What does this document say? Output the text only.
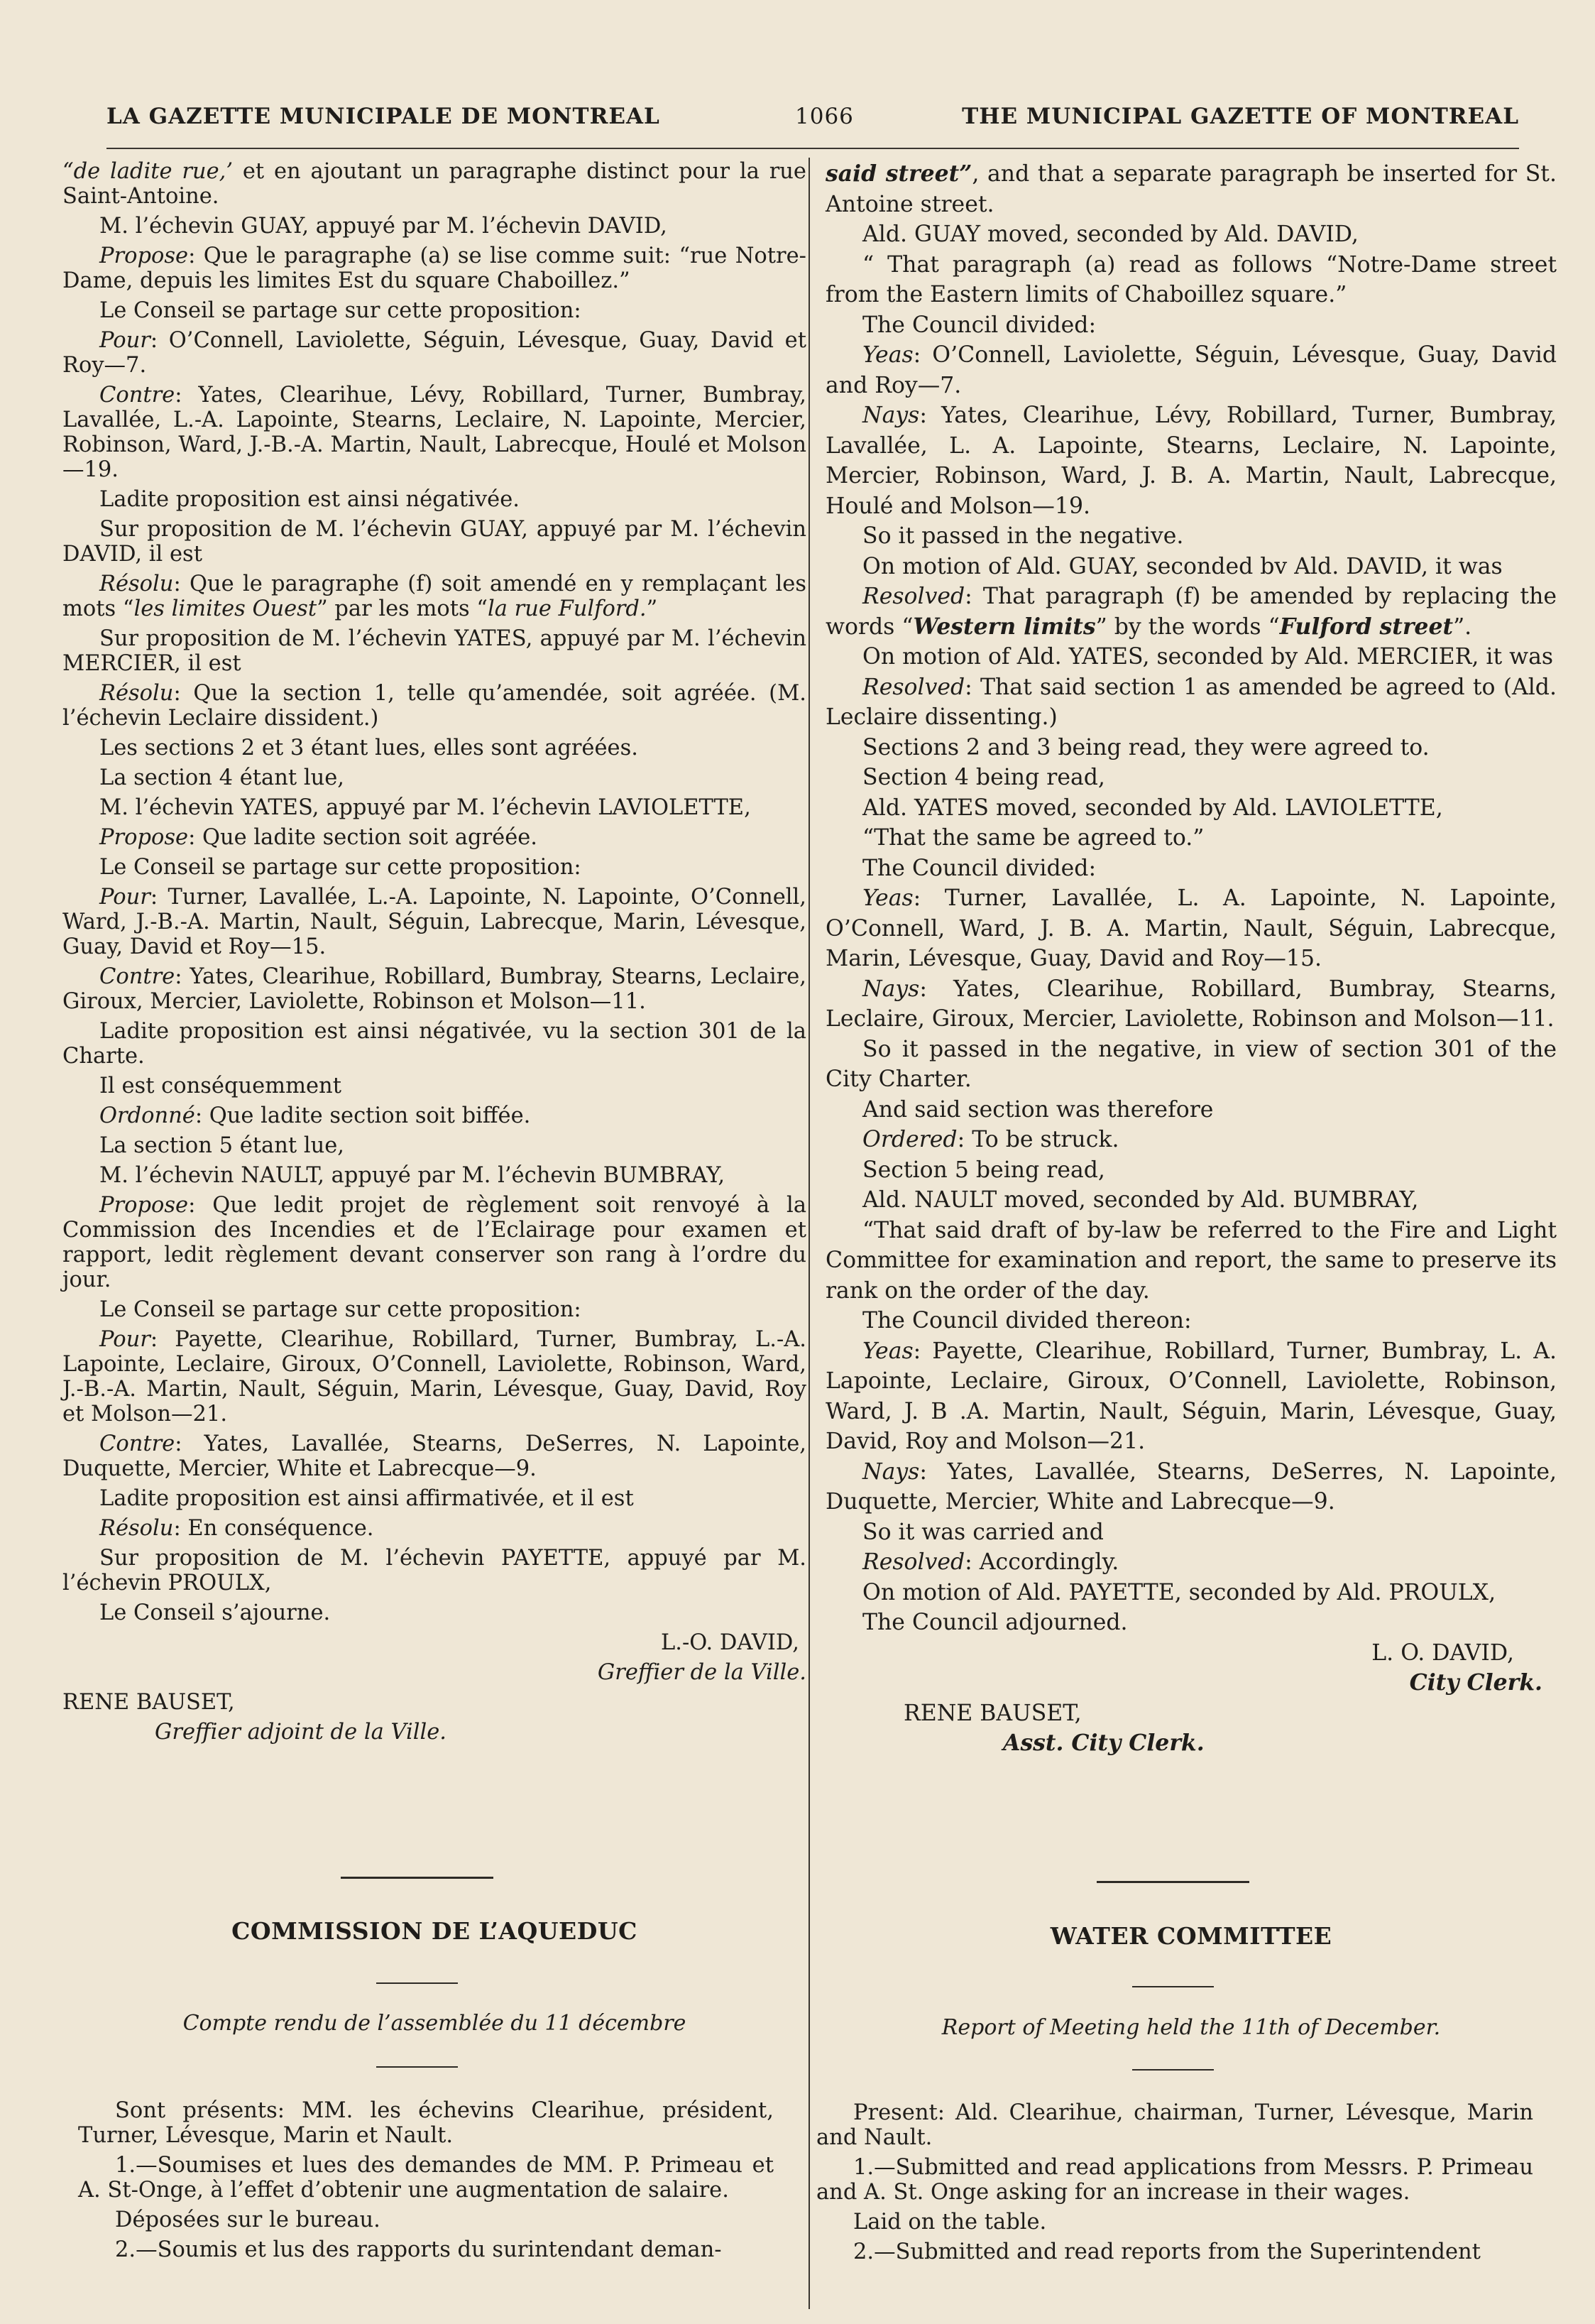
LA GAZETTE MUNICIPALE DE MONTREAL	1066	THE MUNICIPAL GAZETTE OF MONTREAL

“de ladite rue,’ et en ajoutant un paragraphe distinct pour la rue Saint-Antoine.

M. l’échevin GUAY, appuyé par M. l’échevin DAVID,

Propose: Que le paragraphe (a) se lise comme suit: “rue Notre-Dame, depuis les limites Est du square Chaboillez.”

Le Conseil se partage sur cette proposition:

Pour: O’Connell, Laviolette, Séguin, Lévesque, Guay, David et Roy—7.

Contre: Yates, Clearihue, Lévy, Robillard, Turner, Bumbray, Lavallée, L.-A. Lapointe, Stearns, Leclaire, N. Lapointe, Mercier, Robinson, Ward, J.-B.-A. Martin, Nault, Labrecque, Houlé et Molson—19.

Ladite proposition est ainsi négativée.

Sur proposition de M. l’échevin GUAY, appuyé par M. l’échevin DAVID, il est

Résolu: Que le paragraphe (f) soit amendé en y remplaçant les mots “les limites Ouest” par les mots “la rue Fulford.”

Sur proposition de M. l’échevin YATES, appuyé par M. l’échevin MERCIER, il est

Résolu: Que la section 1, telle qu’amendée, soit agréée. (M. l’échevin Leclaire dissident.)

Les sections 2 et 3 étant lues, elles sont agréées.

La section 4 étant lue,

M. l’échevin YATES, appuyé par M. l’échevin LAVIOLETTE,

Propose: Que ladite section soit agréée.

Le Conseil se partage sur cette proposition:

Pour: Turner, Lavallée, L.-A. Lapointe, N. Lapointe, O’Connell, Ward, J.-B.-A. Martin, Nault, Séguin, Labrecque, Marin, Lévesque, Guay, David et Roy—15.

Contre: Yates, Clearihue, Robillard, Bumbray, Stearns, Leclaire, Giroux, Mercier, Laviolette, Robinson et Molson—11.

Ladite proposition est ainsi négativée, vu la section 301 de la Charte.

Il est conséquemment

Ordonné: Que ladite section soit biffée.

La section 5 étant lue,

M. l’échevin NAULT, appuyé par M. l’échevin BUMBRAY,

Propose: Que ledit projet de règlement soit renvoyé à la Commission des Incendies et de l’Eclairage pour examen et rapport, ledit règlement devant conserver son rang à l’ordre du jour.

Le Conseil se partage sur cette proposition:

Pour: Payette, Clearihue, Robillard, Turner, Bumbray, L.-A. Lapointe, Leclaire, Giroux, O’Connell, Laviolette, Robinson, Ward, J.-B.-A. Martin, Nault, Séguin, Marin, Lévesque, Guay, David, Roy et Molson—21.

Contre: Yates, Lavallée, Stearns, DeSerres, N. Lapointe, Duquette, Mercier, White et Labrecque—9.

Ladite proposition est ainsi affirmativée, et il est

Résolu: En conséquence.

Sur proposition de M. l’échevin PAYETTE, appuyé par M. l’échevin PROULX,

Le Conseil s’ajourne.

L.-O. DAVID,

Greffier de la Ville.

RENE BAUSET,

Greffier adjoint de la Ville.

said street”, and that a separate paragraph be inserted for St. Antoine street.

Ald. GUAY moved, seconded by Ald. DAVID,

“ That paragraph (a) read as follows “Notre-Dame street from the Eastern limits of Chaboillez square.”

The Council divided:

Yeas: O’Connell, Laviolette, Séguin, Lévesque, Guay, David and Roy—7.

Nays: Yates, Clearihue, Lévy, Robillard, Turner, Bumbray, Lavallée, L. A. Lapointe, Stearns, Leclaire, N. Lapointe, Mercier, Robinson, Ward, J. B. A. Martin, Nault, Labrecque, Houlé and Molson—19.

So it passed in the negative.

On motion of Ald. GUAY, seconded bv Ald. DAVID, it was

Resolved: That paragraph (f) be amended by replacing the words “Western limits” by the words “Fulford street”.

On motion of Ald. YATES, seconded by Ald. MERCIER, it was

Resolved: That said section 1 as amended be agreed to (Ald. Leclaire dissenting.)

Sections 2 and 3 being read, they were agreed to.

Section 4 being read,

Ald. YATES moved, seconded by Ald. LAVIOLETTE,

“That the same be agreed to.”

The Council divided:

Yeas: Turner, Lavallée, L. A. Lapointe, N. Lapointe, O’Connell, Ward, J. B. A. Martin, Nault, Séguin, Labrecque, Marin, Lévesque, Guay, David and Roy—15.

Nays: Yates, Clearihue, Robillard, Bumbray, Stearns, Leclaire, Giroux, Mercier, Laviolette, Robinson and Molson—11.

So it passed in the negative, in view of section 301 of the City Charter.

And said section was therefore

Ordered: To be struck.

Section 5 being read,

Ald. NAULT moved, seconded by Ald. BUMBRAY,

“That said draft of by-law be referred to the Fire and Light Committee for examination and report, the same to preserve its rank on the order of the day.

The Council divided thereon:

Yeas: Payette, Clearihue, Robillard, Turner, Bumbray, L. A. Lapointe, Leclaire, Giroux, O’Connell, Laviolette, Robinson, Ward, J. B .A. Martin, Nault, Séguin, Marin, Lévesque, Guay, David, Roy and Molson—21.

Nays: Yates, Lavallée, Stearns, DeSerres, N. Lapointe, Duquette, Mercier, White and Labrecque—9.

So it was carried and

Resolved: Accordingly.

On motion of Ald. PAYETTE, seconded by Ald. PROULX,

The Council adjourned.

L. O. DAVID,

City Clerk.

RENE BAUSET,

Asst. City Clerk.

COMMISSION DE L’AQUEDUC
Compte rendu de l’assemblée du 11 décembre

Sont présents: MM. les échevins Clearihue, président, Turner, Lévesque, Marin et Nault.

1.—Soumises et lues des demandes de MM. P. Primeau et A. St-Onge, à l’effet d’obtenir une augmentation de salaire.

Déposées sur le bureau.

2.—Soumis et lus des rapports du surintendant deman-

WATER COMMITTEE
Report of Meeting held the 11th of December.

Present: Ald. Clearihue, chairman, Turner, Lévesque, Marin and Nault.

1.—Submitted and read applications from Messrs. P. Primeau and A. St. Onge asking for an increase in their wages.

Laid on the table.

2.—Submitted and read reports from the Superintendent
